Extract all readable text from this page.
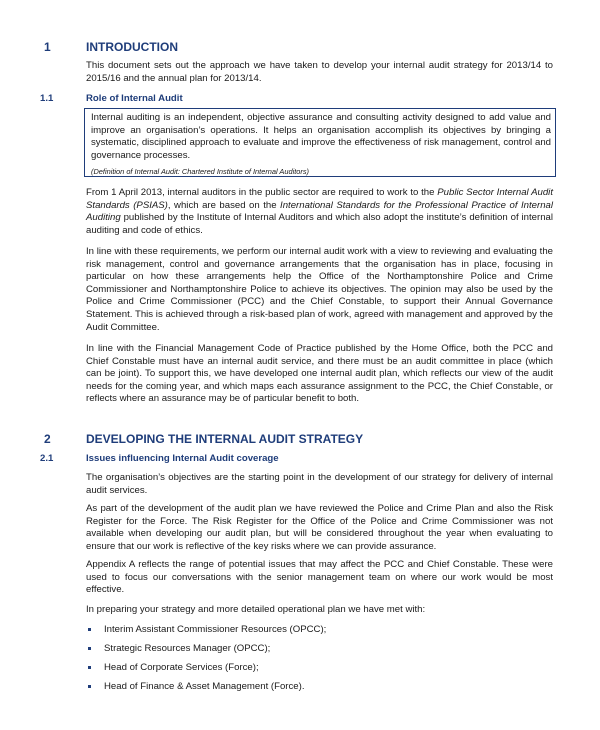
1	INTRODUCTION

This document sets out the approach we have taken to develop your internal audit strategy for 2013/14 to 2015/16 and the annual plan for 2013/14.

1.1	Role of Internal Audit

Internal auditing is an independent, objective assurance and consulting activity designed to add value and improve an organisation’s operations. It helps an organisation accomplish its objectives by bringing a systematic, disciplined approach to evaluate and improve the effectiveness of risk management, control and governance processes.

(Definition of Internal Audit: Chartered Institute of Internal Auditors)

From 1 April 2013, internal auditors in the public sector are required to work to the Public Sector Internal Audit Standards (PSIAS), which are based on the International Standards for the Professional Practice of Internal Auditing published by the Institute of Internal Auditors and which also adopt the institute’s definition of internal auditing and code of ethics.

In line with these requirements, we perform our internal audit work with a view to reviewing and evaluating the risk management, control and governance arrangements that the organisation has in place, focusing in particular on how these arrangements help the Office of the Northamptonshire Police and Crime Commissioner and Northamptonshire Police to achieve its objectives. The opinion may also be used by the Police and Crime Commissioner (PCC) and the Chief Constable, to support their Annual Governance Statement. This is achieved through a risk-based plan of work, agreed with management and approved by the Audit Committee.

In line with the Financial Management Code of Practice published by the Home Office, both the PCC and Chief Constable must have an internal audit service, and there must be an audit committee in place (which can be joint). To support this, we have developed one internal audit plan, which reflects our view of the audit needs for the coming year, and which maps each assurance assignment to the PCC, the Chief Constable, or reflects where an assurance may be of particular benefit to both.

2	DEVELOPING THE INTERNAL AUDIT STRATEGY
2.1	Issues influencing Internal Audit coverage

The organisation’s objectives are the starting point in the development of our strategy for delivery of internal audit services.

As part of the development of the audit plan we have reviewed the Police and Crime Plan and also the Risk Register for the Force. The Risk Register for the Office of the Police and Crime Commissioner was not available when developing our audit plan, but will be considered throughout the year when evaluating to ensure that our work is reflective of the key risks where we can provide assurance.

Appendix A reflects the range of potential issues that may affect the PCC and Chief Constable. These were used to focus our conversations with the senior management team on where our work would be most effective.

In preparing your strategy and more detailed operational plan we have met with:

Interim Assistant Commissioner Resources (OPCC);
Strategic Resources Manager (OPCC);
Head of Corporate Services (Force);
Head of Finance & Asset Management (Force).
